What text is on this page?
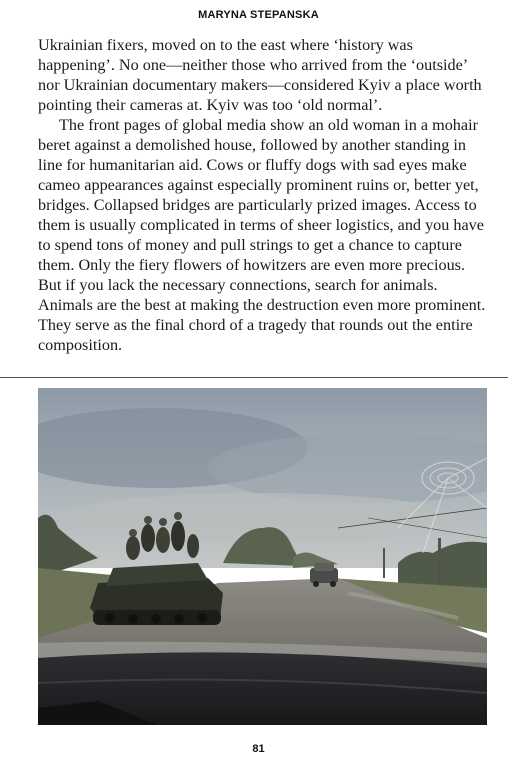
MARYNA STEPANSKA

Ukrainian fixers, moved on to the east where ‘history was happening’. No one—neither those who arrived from the ‘outside’ nor Ukrainian documentary makers—considered Kyiv a place worth pointing their cameras at. Kyiv was too ‘old normal’.

The front pages of global media show an old woman in a mohair beret against a demolished house, followed by another standing in line for humanitarian aid. Cows or fluffy dogs with sad eyes make cameo appearances against especially prominent ruins or, better yet, bridges. Collapsed bridges are particularly prized images. Access to them is usually complicated in terms of sheer logistics, and you have to spend tons of money and pull strings to get a chance to capture them. Only the fiery flowers of howitzers are even more precious. But if you lack the necessary connections, search for animals. Animals are the best at making the destruction even more prominent. They serve as the final chord of a tragedy that rounds out the entire composition.

81
